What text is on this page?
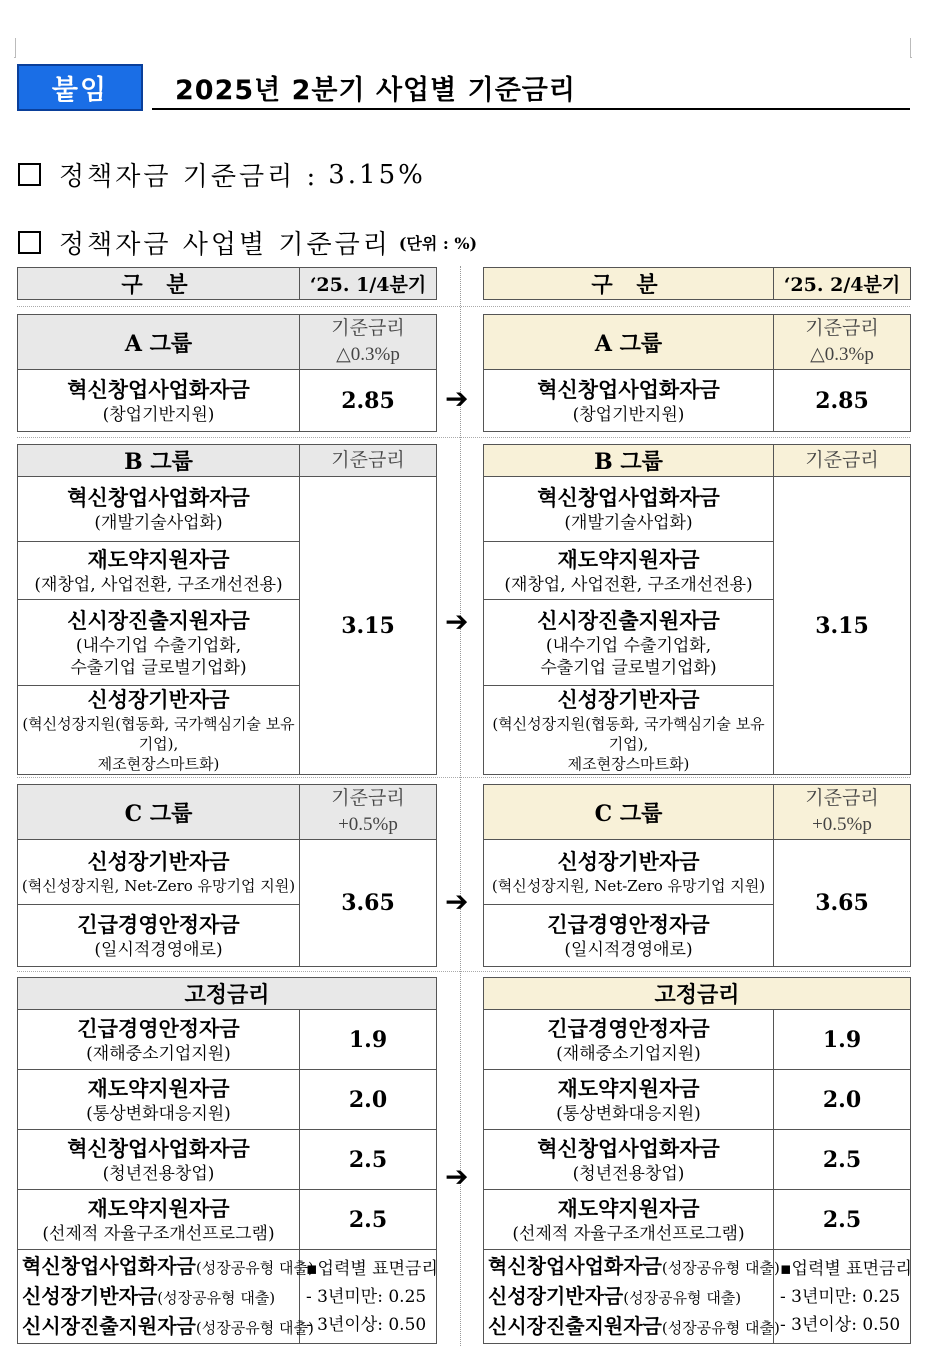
붙임	2025년 2분기 사업별 기준금리
정책자금 기준금리 : 3.15%
정책자금 사업별 기준금리 (단위 : %)
구 분	‘25. 1/4분기
A 그룹	기준금리
△0.3%p

혁신창업사업화자금
(창업기반지원)	2.85
B 그룹	기준금리

혁신창업사업화자금
(개발기술사업화)	3.15

재도약지원자금
(재창업, 사업전환, 구조개선전용)	

신시장진출지원자금
(내수기업 수출기업화,
수출기업 글로벌기업화)	

신성장기반자금
(혁신성장지원(협동화, 국가핵심기술 보유기업),
제조현장스마트화)	
C 그룹	기준금리
+0.5%p

신성장기반자금
(혁신성장지원, Net-Zero 유망기업 지원)	3.65

긴급경영안정자금
(일시적경영애로)	
고정금리	

긴급경영안정자금
(재해중소기업지원)	1.9

재도약지원자금
(통상변화대응지원)	2.0

혁신창업사업화자금
(청년전용창업)	2.5

재도약지원자금
(선제적 자율구조개선프로그램)	2.5

혁신창업사업화자금(성장공유형 대출)
신성장기반자금(성장공유형 대출)
신시장진출지원자금(성장공유형 대출)	▪업력별 표면금리
- 3년미만: 0.25
- 3년이상: 0.50
➔
➔
➔
➔
구 분	‘25. 2/4분기
A 그룹	기준금리
△0.3%p

혁신창업사업화자금
(창업기반지원)	2.85
B 그룹	기준금리

혁신창업사업화자금
(개발기술사업화)	3.15

재도약지원자금
(재창업, 사업전환, 구조개선전용)	

신시장진출지원자금
(내수기업 수출기업화,
수출기업 글로벌기업화)	

신성장기반자금
(혁신성장지원(협동화, 국가핵심기술 보유기업),
제조현장스마트화)	
C 그룹	기준금리
+0.5%p

신성장기반자금
(혁신성장지원, Net-Zero 유망기업 지원)	3.65

긴급경영안정자금
(일시적경영애로)	
고정금리	

긴급경영안정자금
(재해중소기업지원)	1.9

재도약지원자금
(통상변화대응지원)	2.0

혁신창업사업화자금
(청년전용창업)	2.5

재도약지원자금
(선제적 자율구조개선프로그램)	2.5

혁신창업사업화자금(성장공유형 대출)
신성장기반자금(성장공유형 대출)
신시장진출지원자금(성장공유형 대출)	▪업력별 표면금리
- 3년미만: 0.25
- 3년이상: 0.50
